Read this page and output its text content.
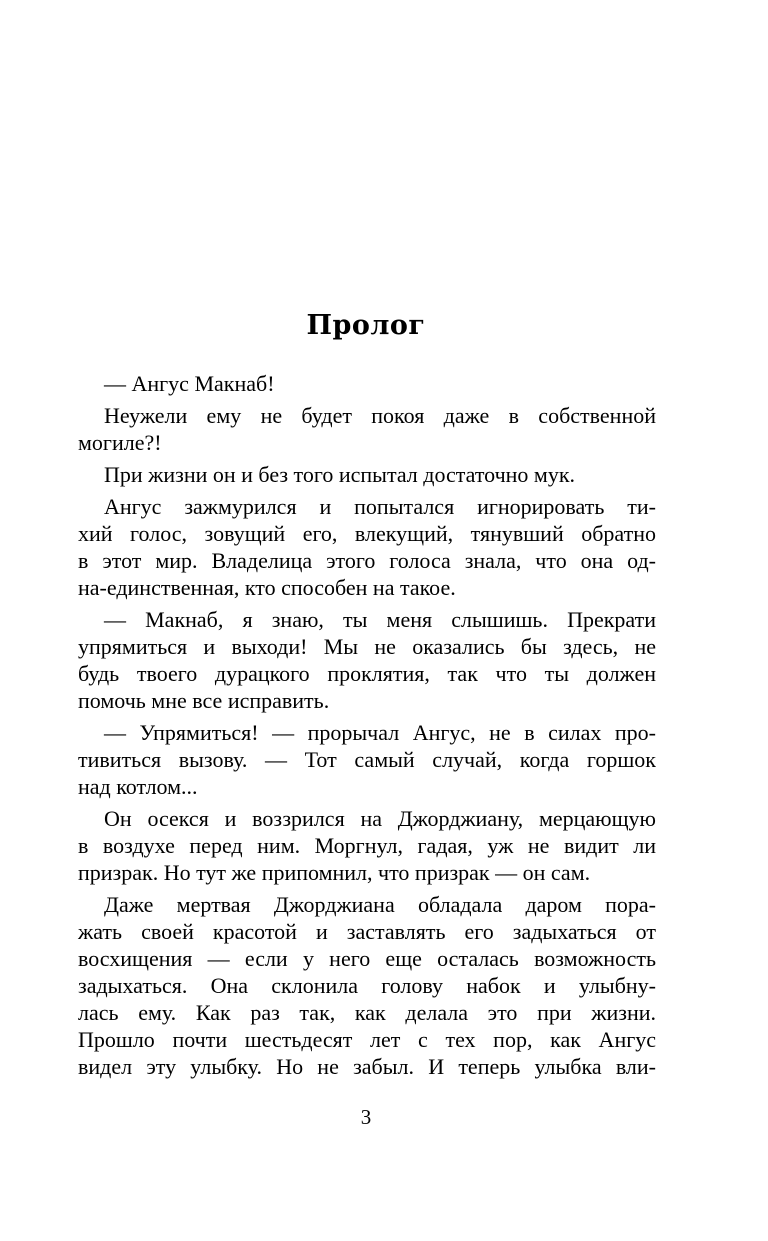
Пролог
— Ангус Макнаб!
Неужели ему не будет покоя даже в собственной
могиле?!
При жизни он и без того испытал достаточно мук.
Ангус зажмурился и попытался игнорировать ти-
хий голос, зовущий его, влекущий, тянувший обратно
в этот мир. Владелица этого голоса знала, что она од-
на-единственная, кто способен на такое.
— Макнаб, я знаю, ты меня слышишь. Прекрати
упрямиться и выходи! Мы не оказались бы здесь, не
будь твоего дурацкого проклятия, так что ты должен
помочь мне все исправить.
— Упрямиться! — прорычал Ангус, не в силах про-
тивиться вызову. — Тот самый случай, когда горшок
над котлом...
Он осекся и воззрился на Джорджиану, мерцающую
в воздухе перед ним. Моргнул, гадая, уж не видит ли
призрак. Но тут же припомнил, что призрак — он сам.
Даже мертвая Джорджиана обладала даром пора-
жать своей красотой и заставлять его задыхаться от
восхищения — если у него еще осталась возможность
задыхаться. Она склонила голову набок и улыбну-
лась ему. Как раз так, как делала это при жизни.
Прошло почти шестьдесят лет с тех пор, как Ангус
видел эту улыбку. Но не забыл. И теперь улыбка вли-
3
